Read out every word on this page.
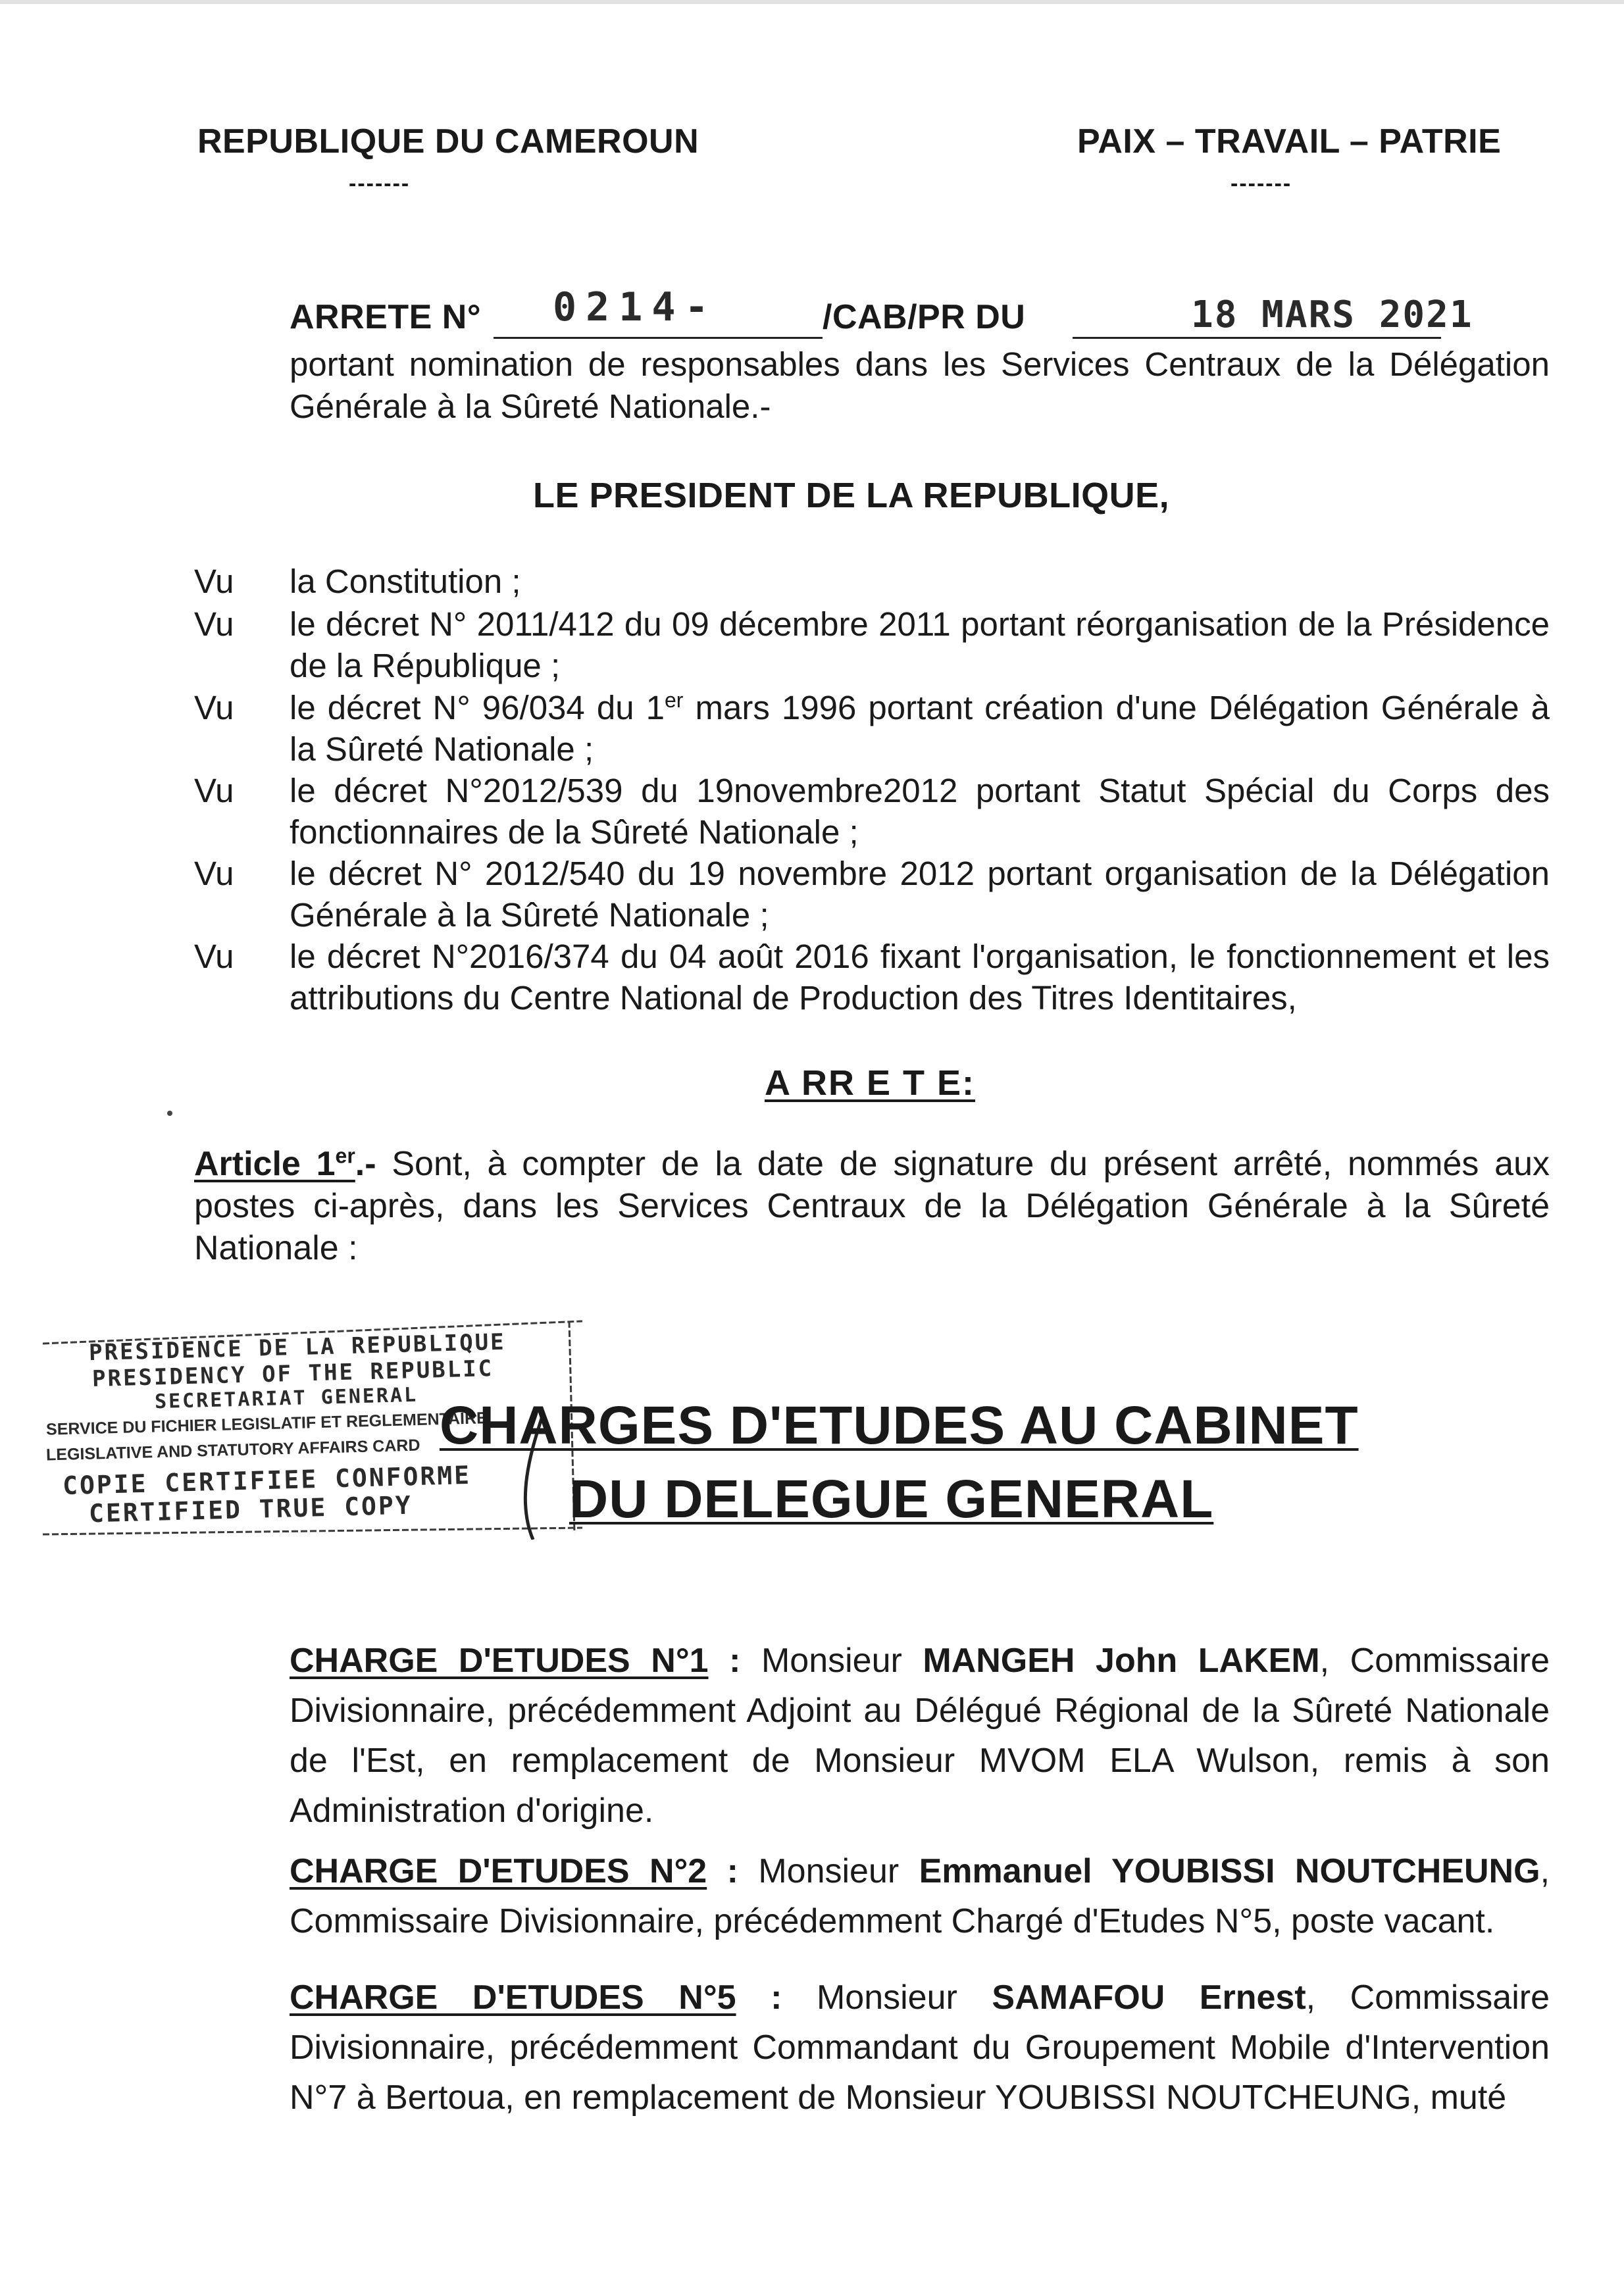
REPUBLIQUE DU CAMEROUN
-------
PAIX – TRAVAIL – PATRIE
-------
ARRETE N° 0214-	/CAB/PR DU	18 MARS 2021
portant nomination de responsables dans les Services Centraux de la Délégation Générale à la Sûreté Nationale.-
LE PRESIDENT DE LA REPUBLIQUE,
Vu	la Constitution ;
Vu	le décret N° 2011/412 du 09 décembre 2011 portant réorganisation de la Présidence de la République ;
Vu	le décret N° 96/034 du 1er mars 1996 portant création d'une Délégation Générale à la Sûreté Nationale ;
Vu	le décret N°2012/539 du 19novembre2012 portant Statut Spécial du Corps des fonctionnaires de la Sûreté Nationale ;
Vu	le décret N° 2012/540 du 19 novembre 2012 portant organisation de la Délégation Générale à la Sûreté Nationale ;
Vu	le décret N°2016/374 du 04 août 2016 fixant l'organisation, le fonctionnement et les attributions du Centre National de Production des Titres Identitaires,
A RR E T E:
Article 1er.- Sont, à compter de la date de signature du présent arrêté, nommés aux postes ci-après, dans les Services Centraux de la Délégation Générale à la Sûreté Nationale :
PRESIDENCE DE LA REPUBLIQUE
PRESIDENCY OF THE REPUBLIC
SECRETARIAT GENERAL
SERVICE DU FICHIER LEGISLATIF ET REGLEMENTAIRE
LEGISLATIVE AND STATUTORY AFFAIRS CARD
COPIE CERTIFIEE CONFORME
CERTIFIED TRUE COPY
CHARGES D'ETUDES AU CABINET
DU DELEGUE GENERAL
CHARGE D'ETUDES N°1 : Monsieur MANGEH John LAKEM, Commissaire Divisionnaire, précédemment Adjoint au Délégué Régional de la Sûreté Nationale de l'Est, en remplacement de Monsieur MVOM ELA Wulson, remis à son Administration d'origine.
CHARGE D'ETUDES N°2 : Monsieur Emmanuel YOUBISSI NOUTCHEUNG, Commissaire Divisionnaire, précédemment Chargé d'Etudes N°5, poste vacant.
CHARGE D'ETUDES N°5 : Monsieur SAMAFOU Ernest, Commissaire Divisionnaire, précédemment Commandant du Groupement Mobile d'Intervention N°7 à Bertoua, en remplacement de Monsieur YOUBISSI NOUTCHEUNG, muté
